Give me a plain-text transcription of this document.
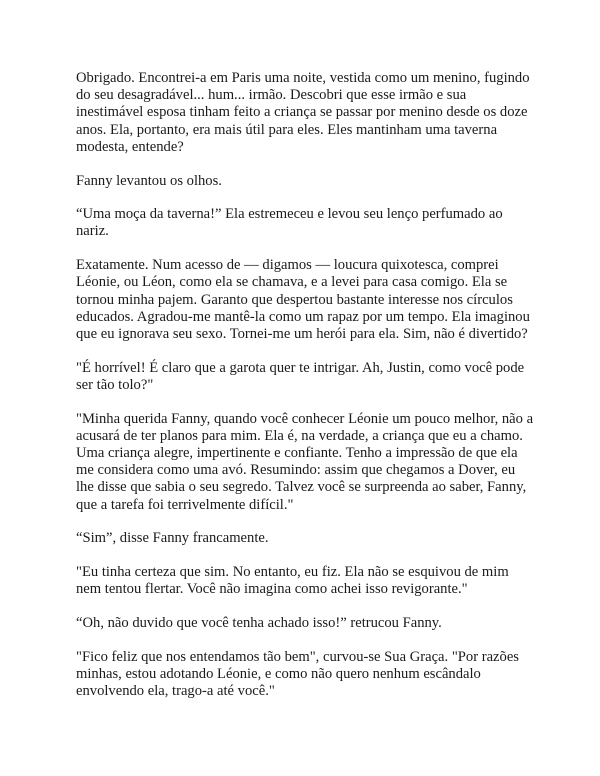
Obrigado. Encontrei-a em Paris uma noite, vestida como um menino, fugindo do seu desagradável... hum... irmão. Descobri que esse irmão e sua inestimável esposa tinham feito a criança se passar por menino desde os doze anos. Ela, portanto, era mais útil para eles. Eles mantinham uma taverna modesta, entende?

Fanny levantou os olhos.

“Uma moça da taverna!” Ela estremeceu e levou seu lenço perfumado ao nariz.

Exatamente. Num acesso de — digamos — loucura quixotesca, comprei Léonie, ou Léon, como ela se chamava, e a levei para casa comigo. Ela se tornou minha pajem. Garanto que despertou bastante interesse nos círculos educados. Agradou-me mantê-la como um rapaz por um tempo. Ela imaginou que eu ignorava seu sexo. Tornei-me um herói para ela. Sim, não é divertido?

"É horrível! É claro que a garota quer te intrigar. Ah, Justin, como você pode ser tão tolo?"

"Minha querida Fanny, quando você conhecer Léonie um pouco melhor, não a acusará de ter planos para mim. Ela é, na verdade, a criança que eu a chamo. Uma criança alegre, impertinente e confiante. Tenho a impressão de que ela me considera como uma avó. Resumindo: assim que chegamos a Dover, eu lhe disse que sabia o seu segredo. Talvez você se surpreenda ao saber, Fanny, que a tarefa foi terrivelmente difícil."

“Sim”, disse Fanny francamente.

"Eu tinha certeza que sim. No entanto, eu fiz. Ela não se esquivou de mim nem tentou flertar. Você não imagina como achei isso revigorante."

“Oh, não duvido que você tenha achado isso!” retrucou Fanny.

"Fico feliz que nos entendamos tão bem", curvou-se Sua Graça. "Por razões minhas, estou adotando Léonie, e como não quero nenhum escândalo envolvendo ela, trago-a até você."
